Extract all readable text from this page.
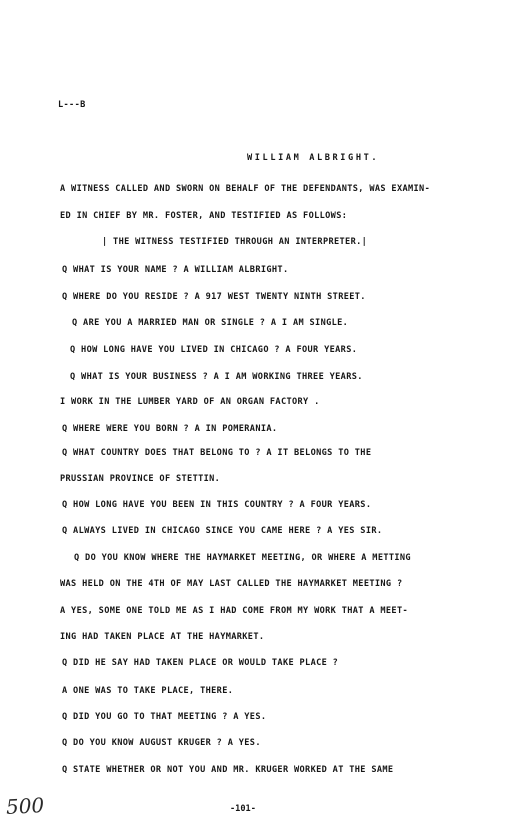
L---B
WILLIAM ALBRIGHT.
A WITNESS CALLED AND SWORN ON BEHALF OF THE DEFENDANTS, WAS EXAMIN-
ED IN CHIEF BY MR. FOSTER, AND TESTIFIED AS FOLLOWS:
| THE WITNESS TESTIFIED THROUGH AN INTERPRETER.|
Q WHAT IS YOUR NAME ? A WILLIAM ALBRIGHT.
Q WHERE DO YOU RESIDE ? A 917 WEST TWENTY NINTH STREET.
Q ARE YOU A MARRIED MAN OR SINGLE ? A I AM SINGLE.
Q HOW LONG HAVE YOU LIVED IN CHICAGO ? A FOUR YEARS.
Q WHAT IS YOUR BUSINESS ? A I AM WORKING THREE YEARS.
I WORK IN THE LUMBER YARD OF AN ORGAN FACTORY .
Q WHERE WERE YOU BORN ? A IN POMERANIA.
Q WHAT COUNTRY DOES THAT BELONG TO ? A IT BELONGS TO THE
PRUSSIAN PROVINCE OF STETTIN.
Q HOW LONG HAVE YOU BEEN IN THIS COUNTRY ? A FOUR YEARS.
Q ALWAYS LIVED IN CHICAGO SINCE YOU CAME HERE ? A YES SIR.
Q DO YOU KNOW WHERE THE HAYMARKET MEETING, OR WHERE A METTING
WAS HELD ON THE 4TH OF MAY LAST CALLED THE HAYMARKET MEETING ?
A YES, SOME ONE TOLD ME AS I HAD COME FROM MY WORK THAT A MEET-
ING HAD TAKEN PLACE AT THE HAYMARKET.
Q DID HE SAY HAD TAKEN PLACE OR WOULD TAKE PLACE ?
A ONE WAS TO TAKE PLACE, THERE.
Q DID YOU GO TO THAT MEETING ? A YES.
Q DO YOU KNOW AUGUST KRUGER ? A YES.
Q STATE WHETHER OR NOT YOU AND MR. KRUGER WORKED AT THE SAME
500	-101-
